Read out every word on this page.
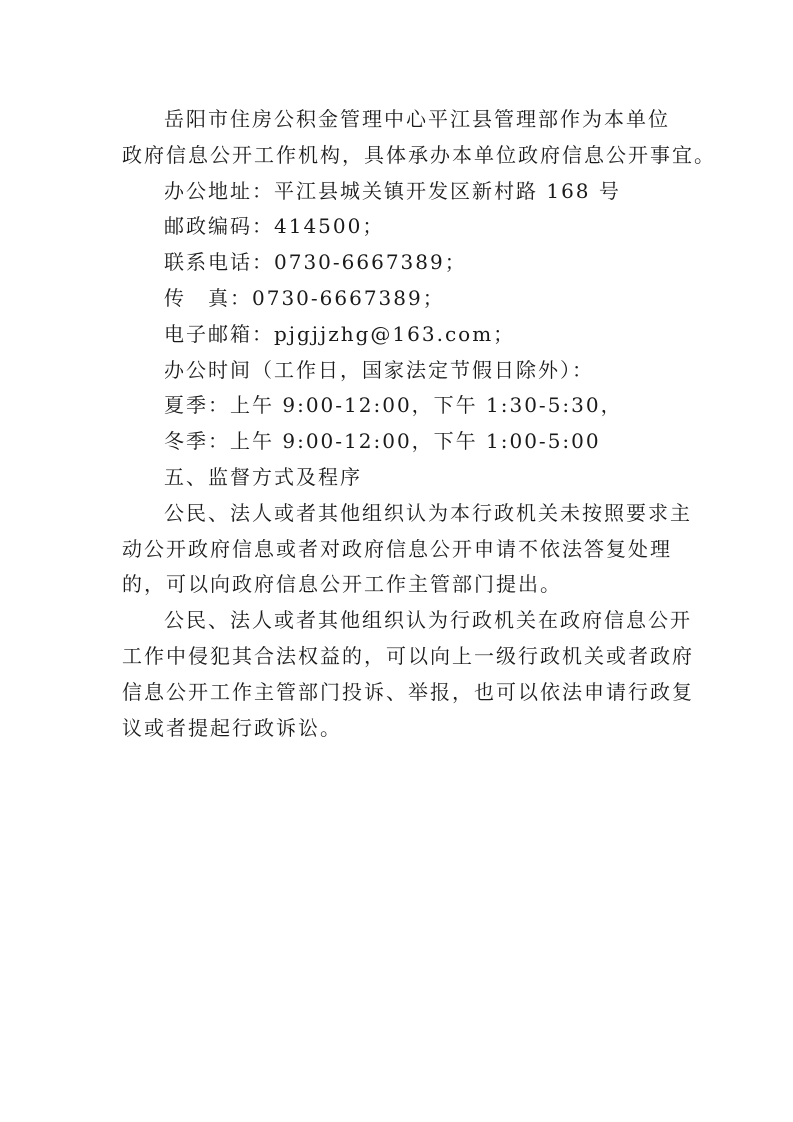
岳阳市住房公积金管理中心平江县管理部作为本单位
政府信息公开工作机构，具体承办本单位政府信息公开事宜。
办公地址：平江县城关镇开发区新村路 168 号
邮政编码：414500；
联系电话：0730-6667389；
传　真：0730-6667389；
电子邮箱：pjgjjzhg@163.com；
办公时间（工作日，国家法定节假日除外）：
夏季：上午 9:00-12:00，下午 1:30-5:30，
冬季：上午 9:00-12:00，下午 1:00-5:00
五、监督方式及程序
公民、法人或者其他组织认为本行政机关未按照要求主
动公开政府信息或者对政府信息公开申请不依法答复处理
的，可以向政府信息公开工作主管部门提出。
公民、法人或者其他组织认为行政机关在政府信息公开
工作中侵犯其合法权益的，可以向上一级行政机关或者政府
信息公开工作主管部门投诉、举报，也可以依法申请行政复
议或者提起行政诉讼。
